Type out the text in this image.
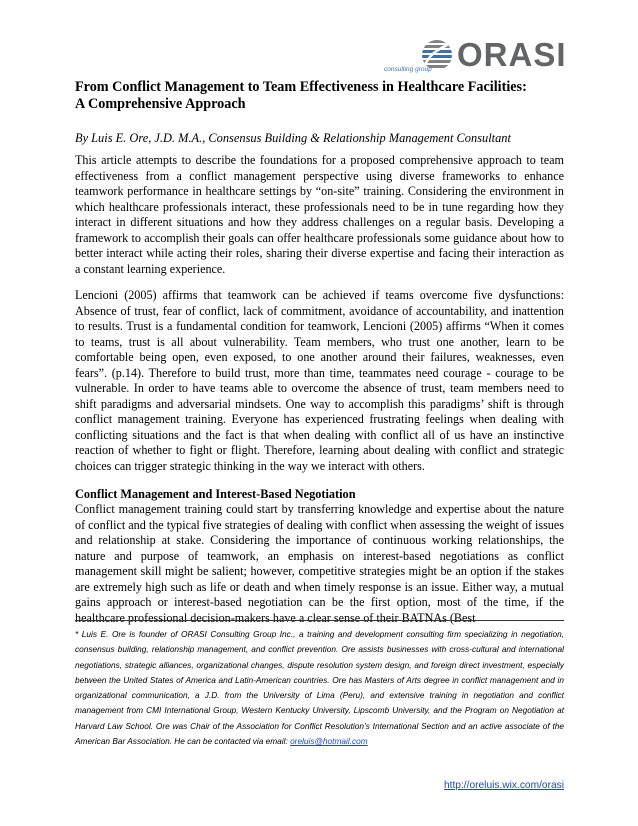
ORASI
consulting group
From Conflict Management to Team Effectiveness in Healthcare Facilities:
A Comprehensive Approach

By Luis E. Ore, J.D. M.A., Consensus Building & Relationship Management Consultant

This article attempts to describe the foundations for a proposed comprehensive approach to team effectiveness from a conflict management perspective using diverse frameworks to enhance teamwork performance in healthcare settings by “on-site” training. Considering the environment in which healthcare professionals interact, these professionals need to be in tune regarding how they interact in different situations and how they address challenges on a regular basis. Developing a framework to accomplish their goals can offer healthcare professionals some guidance about how to better interact while acting their roles, sharing their diverse expertise and facing their interaction as a constant learning experience.

Lencioni (2005) affirms that teamwork can be achieved if teams overcome five dysfunctions: Absence of trust, fear of conflict, lack of commitment, avoidance of accountability, and inattention to results. Trust is a fundamental condition for teamwork, Lencioni (2005) affirms “When it comes to teams, trust is all about vulnerability. Team members, who trust one another, learn to be comfortable being open, even exposed, to one another around their failures, weaknesses, even fears”. (p.14). Therefore to build trust, more than time, teammates need courage - courage to be vulnerable. In order to have teams able to overcome the absence of trust, team members need to shift paradigms and adversarial mindsets. One way to accomplish this paradigms’ shift is through conflict management training. Everyone has experienced frustrating feelings when dealing with conflicting situations and the fact is that when dealing with conflict all of us have an instinctive reaction of whether to fight or flight. Therefore, learning about dealing with conflict and strategic choices can trigger strategic thinking in the way we interact with others.

Conflict Management and Interest-Based Negotiation

Conflict management training could start by transferring knowledge and expertise about the nature of conflict and the typical five strategies of dealing with conflict when assessing the weight of issues and relationship at stake. Considering the importance of continuous working relationships, the nature and purpose of teamwork, an emphasis on interest-based negotiations as conflict management skill might be salient; however, competitive strategies might be an option if the stakes are extremely high such as life or death and when timely response is an issue. Either way, a mutual gains approach or interest-based negotiation can be the first option, most of the time, if the healthcare professional decision-makers have a clear sense of their BATNAs (Best

* Luis E. Ore is founder of ORASI Consulting Group Inc., a training and development consulting firm specializing in negotiation, consensus building, relationship management, and conflict prevention. Ore assists businesses with cross-cultural and international negotiations, strategic alliances, organizational changes, dispute resolution system design, and foreign direct investment, especially between the United States of America and Latin-American countries. Ore has Masters of Arts degree in conflict management and in organizational communication, a J.D. from the University of Lima (Peru), and extensive training in negotiation and conflict management from CMI International Group, Western Kentucky University, Lipscomb University, and the Program on Negotiation at Harvard Law School. Ore was Chair of the Association for Conflict Resolution’s International Section and an active associate of the American Bar Association. He can be contacted via email: oreluis@hotmail.com

http://oreluis.wix.com/orasi
